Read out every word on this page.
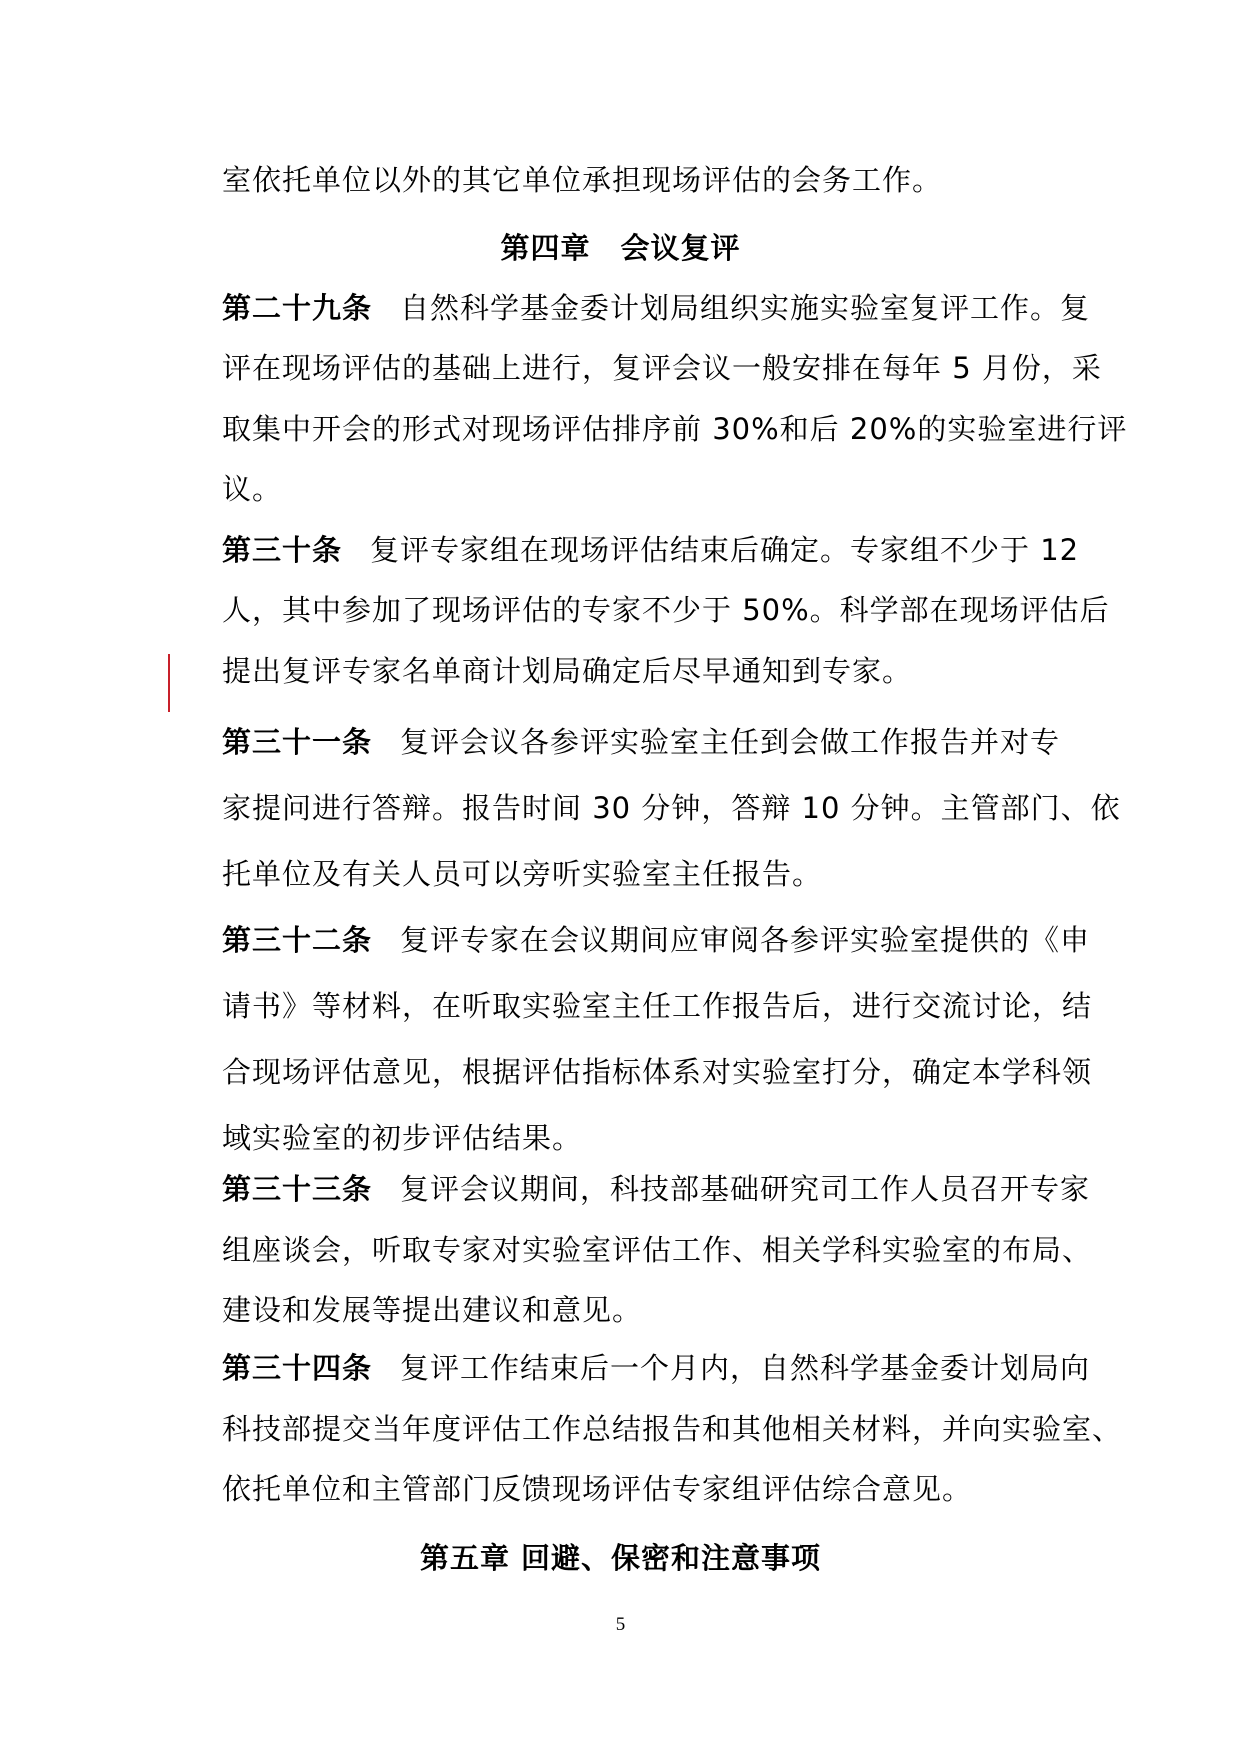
室依托单位以外的其它单位承担现场评估的会务工作。
第四章　会议复评
第二十九条 自然科学基金委计划局组织实施实验室复评工作。复
评在现场评估的基础上进行，复评会议一般安排在每年 5 月份，采
取集中开会的形式对现场评估排序前 30%和后 20%的实验室进行评
议。
第三十条 复评专家组在现场评估结束后确定。专家组不少于 12
人，其中参加了现场评估的专家不少于 50%。科学部在现场评估后
提出复评专家名单商计划局确定后尽早通知到专家。
第三十一条 复评会议各参评实验室主任到会做工作报告并对专
家提问进行答辩。报告时间 30 分钟，答辩 10 分钟。主管部门、依
托单位及有关人员可以旁听实验室主任报告。
第三十二条 复评专家在会议期间应审阅各参评实验室提供的《申
请书》等材料，在听取实验室主任工作报告后，进行交流讨论，结
合现场评估意见，根据评估指标体系对实验室打分，确定本学科领
域实验室的初步评估结果。
第三十三条 复评会议期间，科技部基础研究司工作人员召开专家
组座谈会，听取专家对实验室评估工作、相关学科实验室的布局、
建设和发展等提出建议和意见。
第三十四条 复评工作结束后一个月内，自然科学基金委计划局向
科技部提交当年度评估工作总结报告和其他相关材料，并向实验室、
依托单位和主管部门反馈现场评估专家组评估综合意见。
第五章 回避、保密和注意事项
5
